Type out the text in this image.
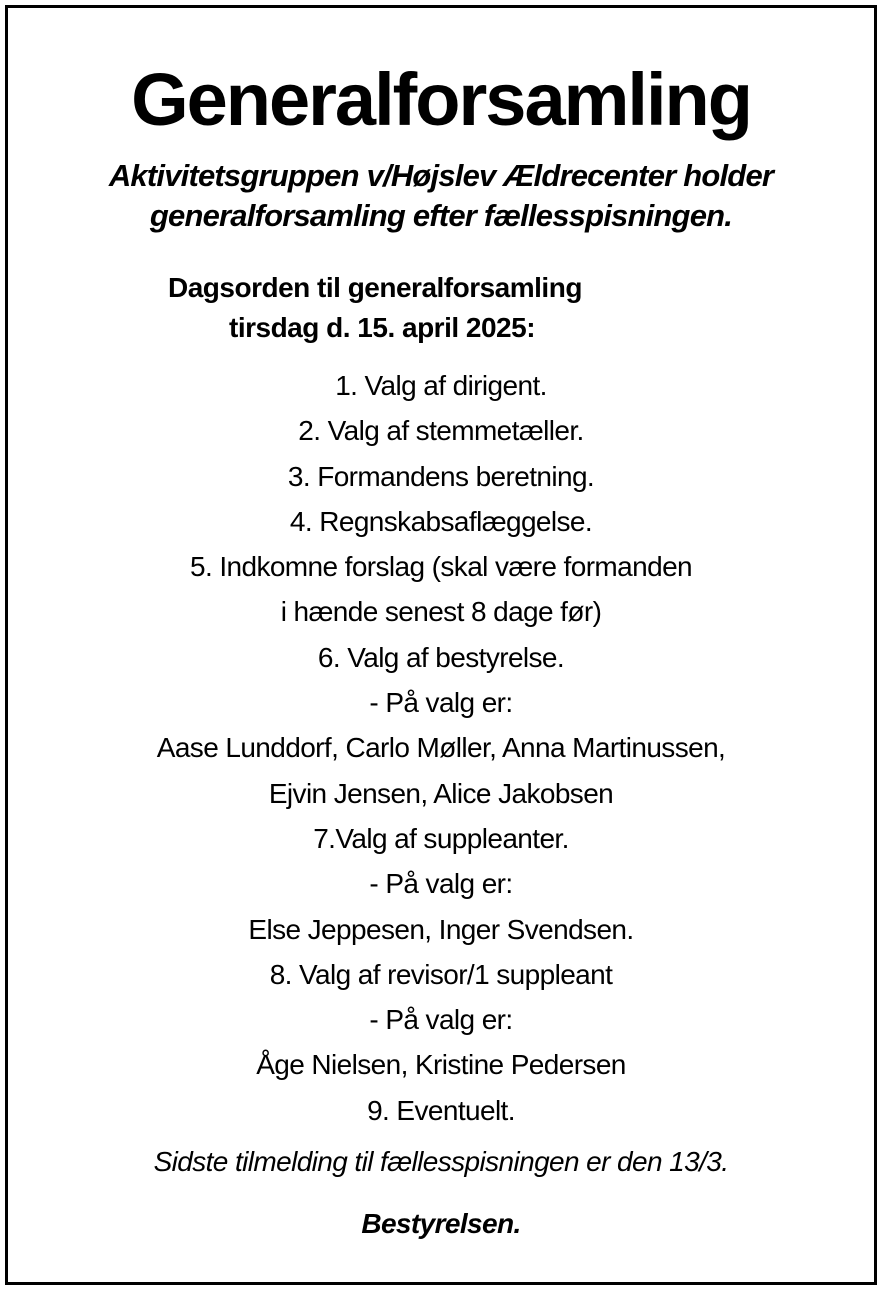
Generalforsamling
Aktivitetsgruppen v/Højslev Ældrecenter holder
generalforsamling efter fællesspisningen.
Dagsorden til generalforsamling
tirsdag d. 15. april 2025:
1. Valg af dirigent.
2. Valg af stemmetæller.
3. Formandens beretning.
4. Regnskabsaflæggelse.
5. Indkomne forslag (skal være formanden
i hænde senest 8 dage før)
6. Valg af bestyrelse.
- På valg er:
Aase Lunddorf, Carlo Møller, Anna Martinussen,
Ejvin Jensen, Alice Jakobsen
7.Valg af suppleanter.
- På valg er:
Else Jeppesen, Inger Svendsen.
8. Valg af revisor/1 suppleant
- På valg er:
Åge Nielsen, Kristine Pedersen
9. Eventuelt.
Sidste tilmelding til fællesspisningen er den 13/3.
Bestyrelsen.
